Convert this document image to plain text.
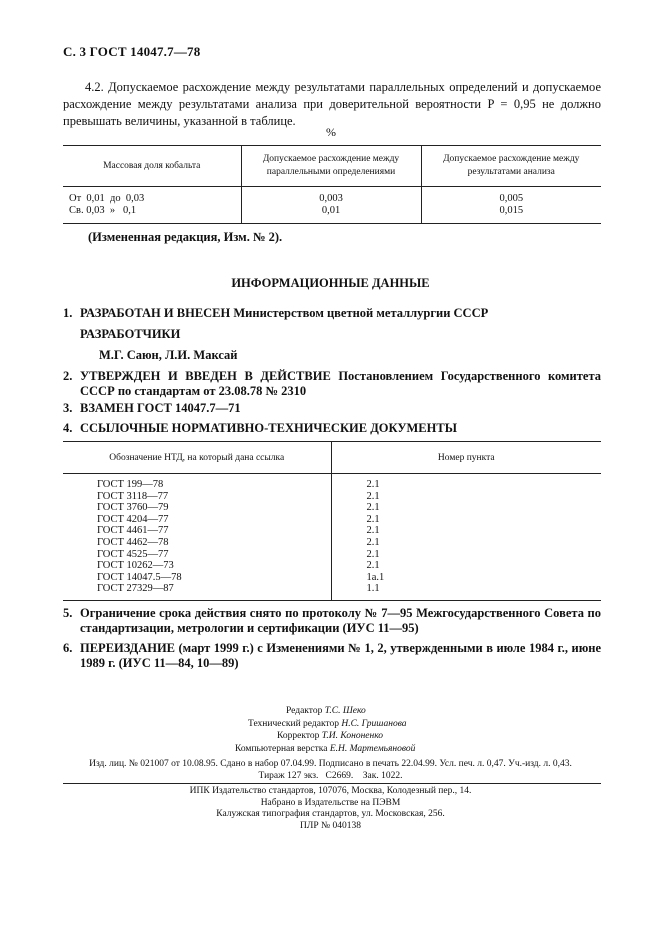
С. 3 ГОСТ 14047.7—78
4.2. Допускаемое расхождение между результатами параллельных определений и допускаемое расхождение между результатами анализа при доверительной вероятности P = 0,95 не должно превышать величины, указанной в таблице.
%
Массовая доля кобальта	Допускаемое расхождение между параллельными определениями	Допускаемое расхождение между результатами анализа
От  0,01  до  0,03	0,003	0,005
Св. 0,03  »   0,1	0,01	0,015
(Измененная редакция, Изм. № 2).
ИНФОРМАЦИОННЫЕ ДАННЫЕ
1. РАЗРАБОТАН И ВНЕСЕН Министерством цветной металлургии СССР
РАЗРАБОТЧИКИ
М.Г. Саюн, Л.И. Максай
2. УТВЕРЖДЕН И ВВЕДЕН В ДЕЙСТВИЕ Постановлением Государственного комитета СССР по стандартам от 23.08.78 № 2310
3. ВЗАМЕН ГОСТ 14047.7—71
4. ССЫЛОЧНЫЕ НОРМАТИВНО-ТЕХНИЧЕСКИЕ ДОКУМЕНТЫ
Обозначение НТД, на который дана ссылка	Номер пункта
ГОСТ 199—78	2.1
ГОСТ 3118—77	2.1
ГОСТ 3760—79	2.1
ГОСТ 4204—77	2.1
ГОСТ 4461—77	2.1
ГОСТ 4462—78	2.1
ГОСТ 4525—77	2.1
ГОСТ 10262—73	2.1
ГОСТ 14047.5—78	1а.1
ГОСТ 27329—87	1.1
5. Ограничение срока действия снято по протоколу № 7—95 Межгосударственного Совета по стандартизации, метрологии и сертификации (ИУС 11—95)
6. ПЕРЕИЗДАНИЕ (март 1999 г.) с Изменениями № 1, 2, утвержденными в июле 1984 г., июне 1989 г. (ИУС 11—84, 10—89)
Редактор Т.С. Шеко
Технический редактор Н.С. Гришанова
Корректор Т.И. Кононенко
Компьютерная верстка Е.Н. Мартемьяновой
Изд. лиц. № 021007 от 10.08.95. Сдано в набор 07.04.99. Подписано в печать 22.04.99. Усл. печ. л. 0,47. Уч.-изд. л. 0,43.
Тираж 127 экз.   С2669.    Зак. 1022.
ИПК Издательство стандартов, 107076, Москва, Колодезный пер., 14.
Набрано в Издательстве на ПЭВМ
Калужская типография стандартов, ул. Московская, 256.
ПЛР № 040138
